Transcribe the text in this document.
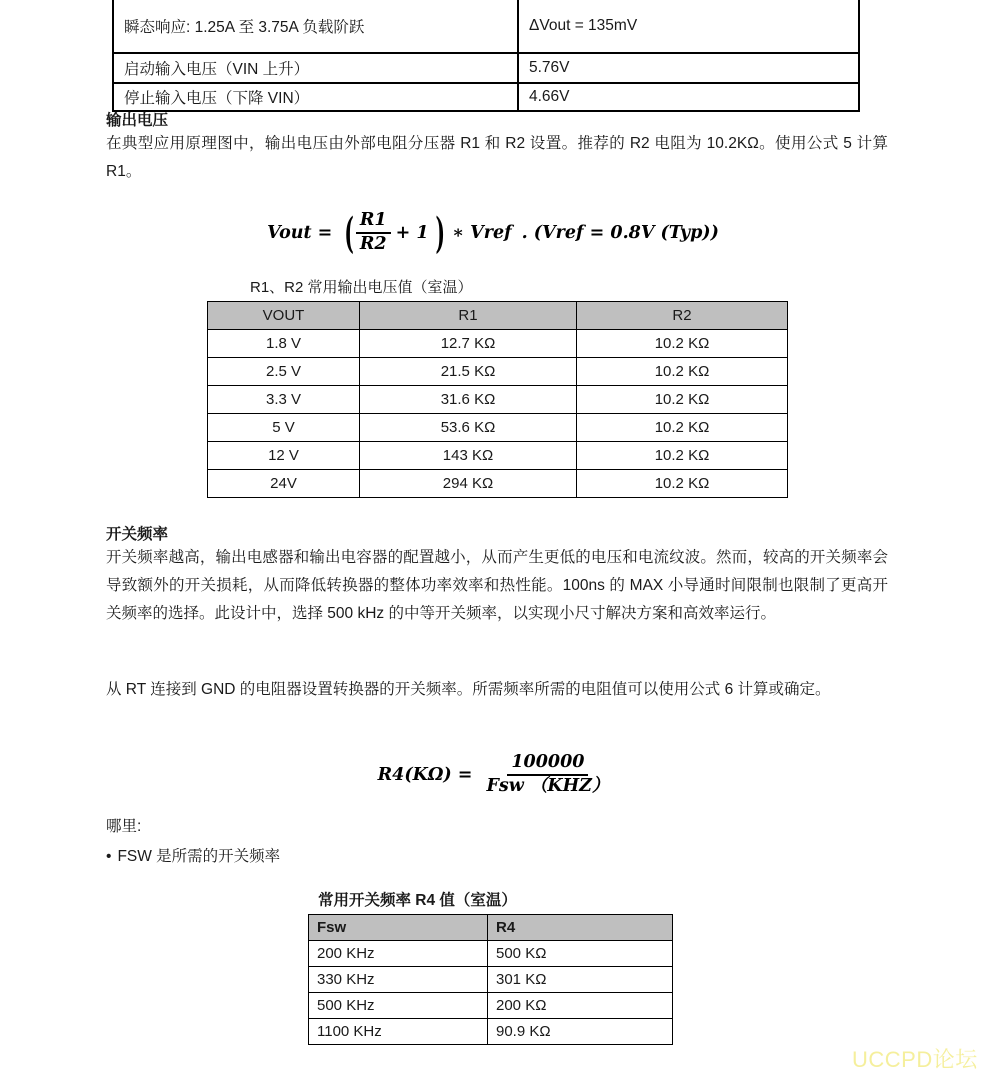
瞬态响应: 1.25A 至 3.75A 负载阶跃	ΔVout = 135mV
启动输入电压（VIN 上升）	5.76V
停止输入电压（下降 VIN）	4.66V
输出电压
在典型应用原理图中，输出电压由外部电阻分压器 R1 和 R2 设置。推荐的 R2 电阻为 10.2KΩ。使用公式 5 计算 R1。
Vout = ( $\frac{R1}{R2} + 1$ ) ∗ Vref . (Vref = 0.8V (Typ))
R1、R2 常用输出电压值（室温）
VOUT	R1	R2
1.8 V	12.7 KΩ	10.2 KΩ
2.5 V	21.5 KΩ	10.2 KΩ
3.3 V	31.6 KΩ	10.2 KΩ
5 V	53.6 KΩ	10.2 KΩ
12 V	143 KΩ	10.2 KΩ
24V	294 KΩ	10.2 KΩ
开关频率
开关频率越高，输出电感器和输出电容器的配置越小，从而产生更低的电压和电流纹波。然而，较高的开关频率会导致额外的开关损耗，从而降低转换器的整体功率效率和热性能。100ns 的 MAX 小导通时间限制也限制了更高开关频率的选择。此设计中，选择 500 kHz 的中等开关频率，以实现小尺寸解决方案和高效率运行。
从 RT 连接到 GND 的电阻器设置转换器的开关频率。所需频率所需的电阻值可以使用公式 6 计算或确定。
$R4(K\Omega) = \frac{100000}{\text{Fsw （KHZ）}}$
哪里:
• FSW 是所需的开关频率
常用开关频率 R4 值（室温）
Fsw	R4
200 KHz	500 KΩ
330 KHz	301 KΩ
500 KHz	200 KΩ
1100 KHz	90.9 KΩ
UCCPD论坛
